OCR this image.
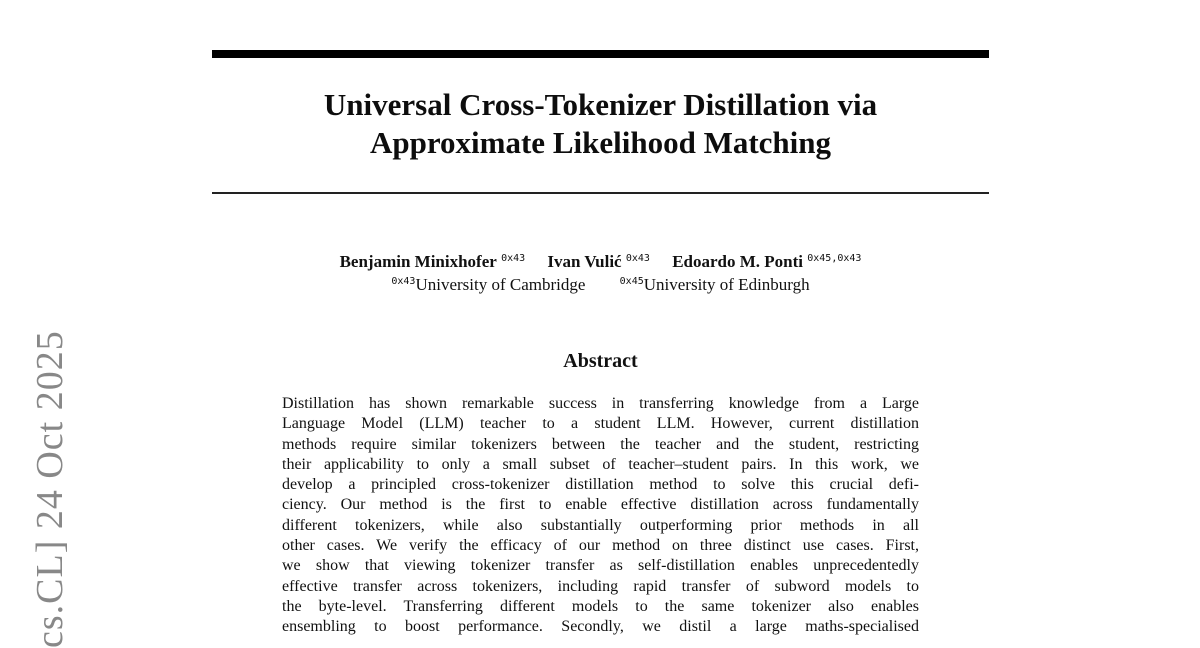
cs.CL] 24 Oct 2025
Universal Cross-Tokenizer Distillation via
Approximate Likelihood Matching
Benjamin Minixhofer $^{0x43}$ Ivan Vulić $^{0x43}$ Edoardo M. Ponti $^{0x45,0x43}$
$^{0x43}$University of Cambridge	$^{0x45}$University of Edinburgh
Abstract
Distillation has shown remarkable success in transferring knowledge from a Large
Language Model (LLM) teacher to a student LLM. However, current distillation
methods require similar tokenizers between the teacher and the student, restricting
their applicability to only a small subset of teacher–student pairs. In this work, we
develop a principled cross-tokenizer distillation method to solve this crucial defi-
ciency. Our method is the first to enable effective distillation across fundamentally
different tokenizers, while also substantially outperforming prior methods in all
other cases. We verify the efficacy of our method on three distinct use cases. First,
we show that viewing tokenizer transfer as self-distillation enables unprecedentedly
effective transfer across tokenizers, including rapid transfer of subword models to
the byte-level. Transferring different models to the same tokenizer also enables
ensembling to boost performance. Secondly, we distil a large maths-specialised
